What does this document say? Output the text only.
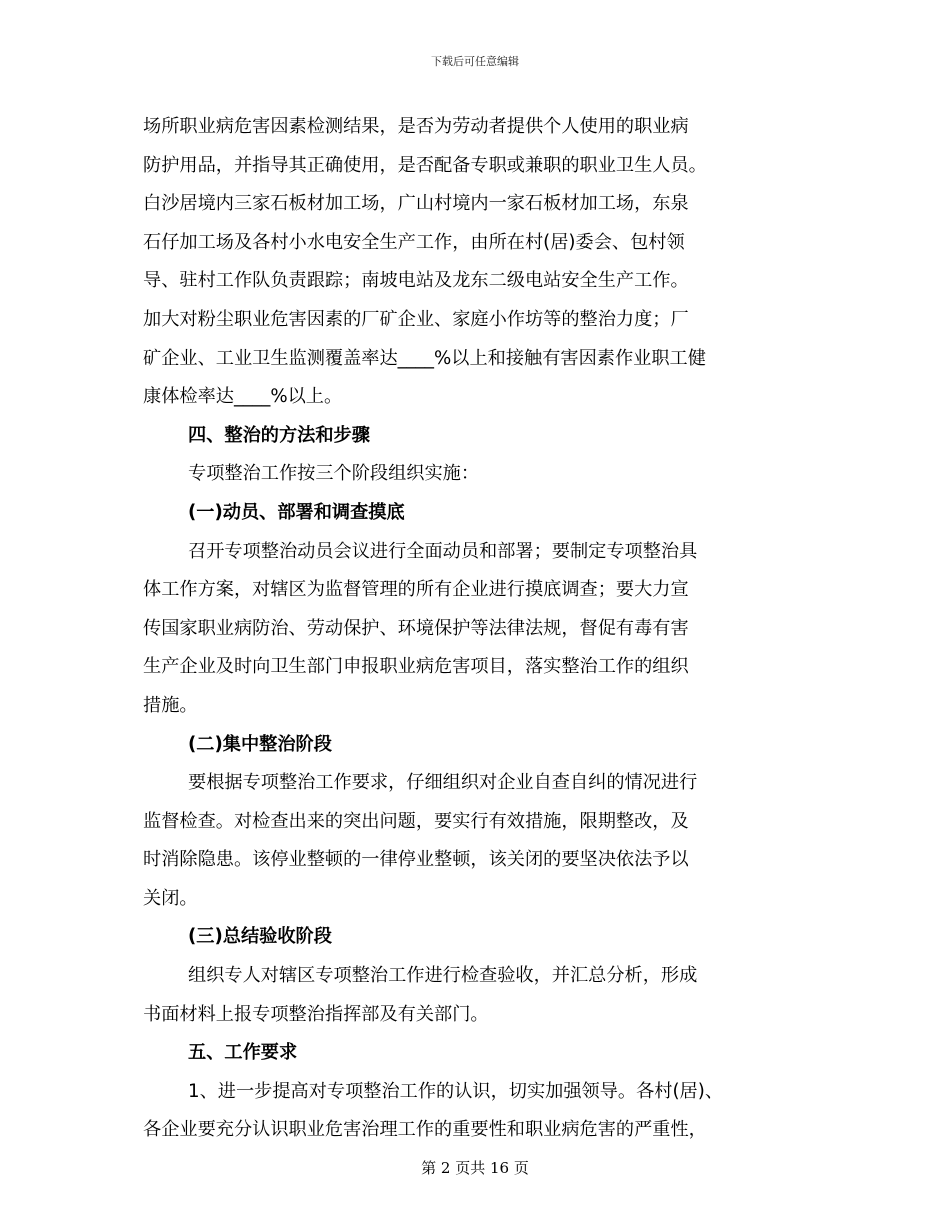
下载后可任意编辑
场所职业病危害因素检测结果，是否为劳动者提供个人使用的职业病
防护用品，并指导其正确使用，是否配备专职或兼职的职业卫生人员。
白沙居境内三家石板材加工场，广山村境内一家石板材加工场，东泉
石仔加工场及各村小水电安全生产工作，由所在村(居)委会、包村领
导、驻村工作队负责跟踪；南坡电站及龙东二级电站安全生产工作。
加大对粉尘职业危害因素的厂矿企业、家庭小作坊等的整治力度；厂
矿企业、工业卫生监测覆盖率达____%以上和接触有害因素作业职工健
康体检率达____%以上。
四、整治的方法和步骤
专项整治工作按三个阶段组织实施：
(一)动员、部署和调查摸底
召开专项整治动员会议进行全面动员和部署；要制定专项整治具
体工作方案，对辖区为监督管理的所有企业进行摸底调查；要大力宣
传国家职业病防治、劳动保护、环境保护等法律法规，督促有毒有害
生产企业及时向卫生部门申报职业病危害项目，落实整治工作的组织
措施。
(二)集中整治阶段
要根据专项整治工作要求，仔细组织对企业自查自纠的情况进行
监督检查。对检查出来的突出问题，要实行有效措施，限期整改，及
时消除隐患。该停业整顿的一律停业整顿，该关闭的要坚决依法予以
关闭。
(三)总结验收阶段
组织专人对辖区专项整治工作进行检查验收，并汇总分析，形成
书面材料上报专项整治指挥部及有关部门。
五、工作要求
1、进一步提高对专项整治工作的认识，切实加强领导。各村(居)、
各企业要充分认识职业危害治理工作的重要性和职业病危害的严重性，
第 2 页共 16 页
